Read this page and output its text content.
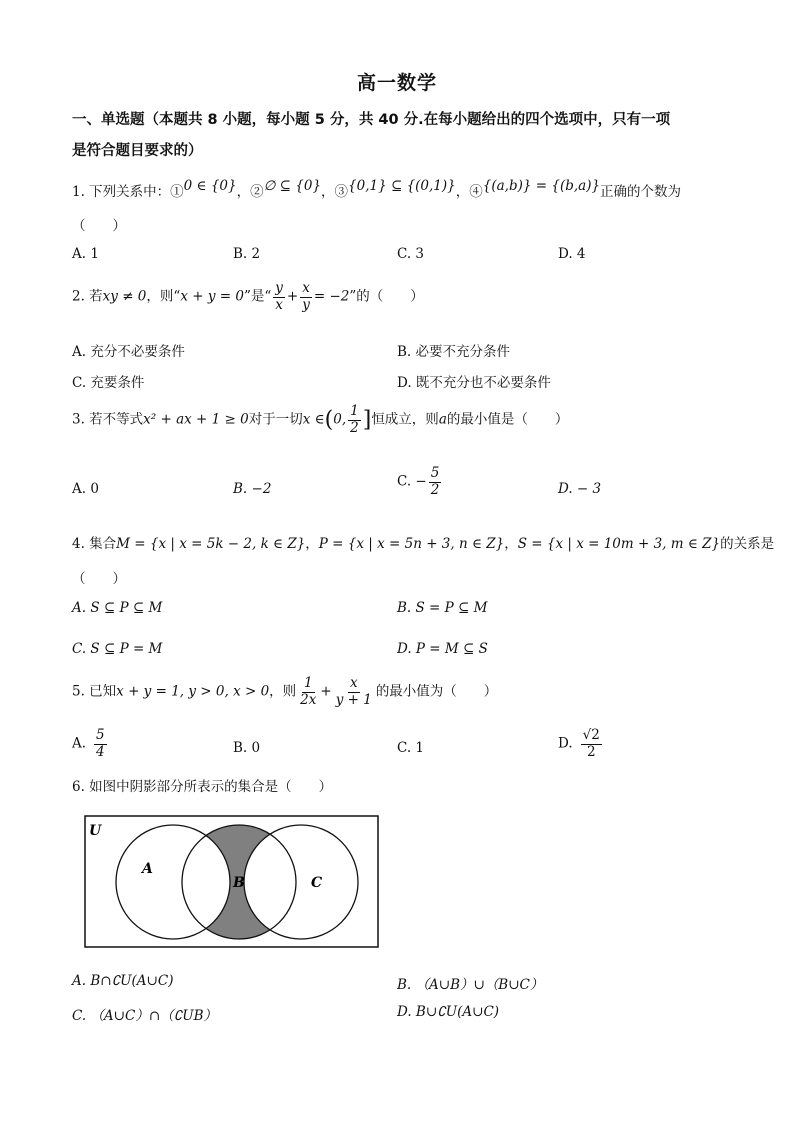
高一数学
一、单选题（本题共 8 小题，每小题 5 分，共 40 分.在每小题给出的四个选项中，只有一项
是符合题目要求的）
1. 下列关系中：①0 ∈ {0}，②∅ ⊆ {0}，③{0,1} ⊆ {(0,1)}，④{(a,b)} = {(b,a)}正确的个数为
（　　）
A. 1	B. 2	C. 3	D. 4
2. 若xy ≠ 0，则“x + y = 0”是“ $\frac{y}{x} + \frac{x}{y} = -2$”的（　　）
A. 充分不必要条件	B. 必要不充分条件
C. 充要条件	D. 既不充分也不必要条件
3. 若不等式x² + ax + 1 ≥ 0对于一切x ∈(0, $\frac{1}{2}$ ]恒成立，则a的最小值是（　　）
A. 0	B. −2	C. − $\frac{5}{2}$	D. − 3
4. 集合M = {x | x = 5k − 2, k ∈ Z}，P = {x | x = 5n + 3, n ∈ Z}，S = {x | x = 10m + 3, m ∈ Z}的关系是
（　　）
A. S ⊆ P ⊆ M	B. S = P ⊆ M
C. S ⊆ P = M	D. P = M ⊆ S
5. 已知x + y = 1, y > 0, x > 0，则 $\frac{1}{2x} + \frac{x}{y + 1}$ 的最小值为（　　）
A. $\frac{5}{4}$	B. 0	C. 1	D. $\frac{√2}{2}$
6. 如图中阴影部分所表示的集合是（　　）
U
A
B	C
A. B∩∁U(A∪C)	B. （A∪B）∪（B∪C）
C. （A∪C）∩（∁UB）	D. B∪∁U(A∪C)
